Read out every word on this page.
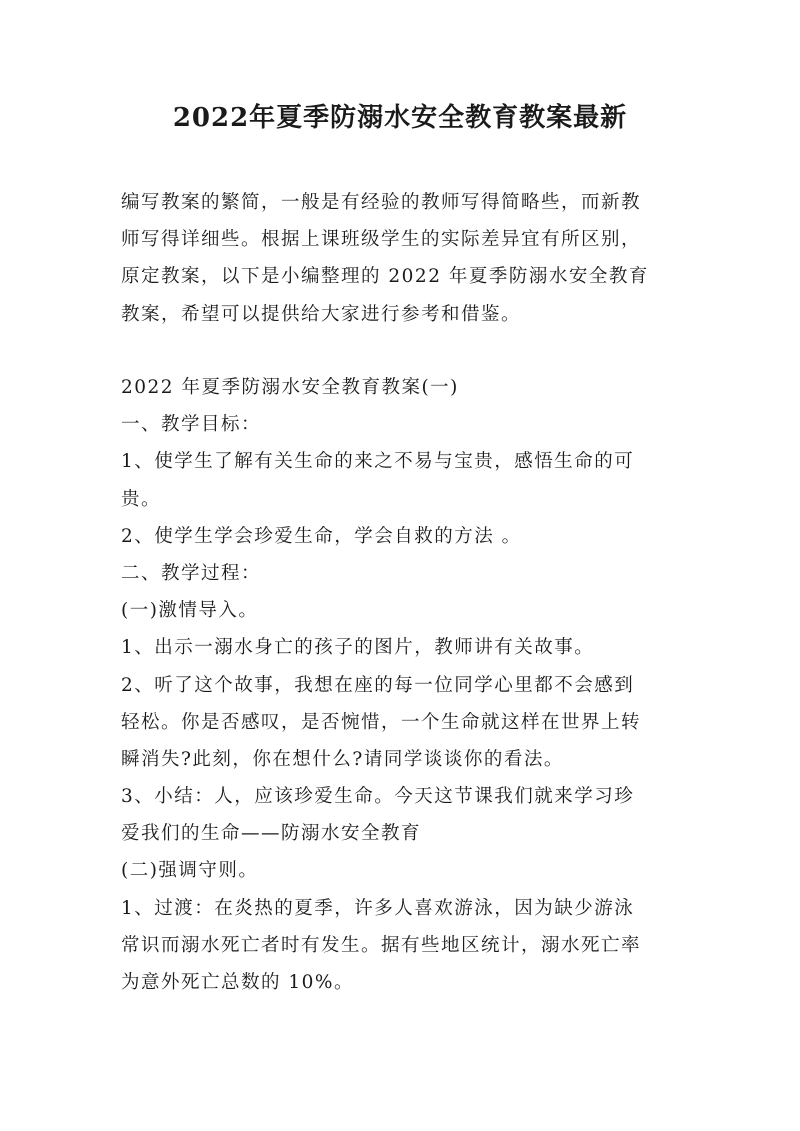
2022年夏季防溺水安全教育教案最新

编写教案的繁简，一般是有经验的教师写得简略些，而新教

师写得详细些。根据上课班级学生的实际差异宜有所区别，

原定教案，以下是小编整理的 2022 年夏季防溺水安全教育

教案，希望可以提供给大家进行参考和借鉴。

2022 年夏季防溺水安全教育教案(一)

一、教学目标：

1、使学生了解有关生命的来之不易与宝贵，感悟生命的可

贵。

2、使学生学会珍爱生命，学会自救的方法 。

二、教学过程：

(一)激情导入。

1、出示一溺水身亡的孩子的图片，教师讲有关故事。

2、听了这个故事，我想在座的每一位同学心里都不会感到

轻松。你是否感叹，是否惋惜，一个生命就这样在世界上转

瞬消失?此刻，你在想什么?请同学谈谈你的看法。

3、小结：人，应该珍爱生命。今天这节课我们就来学习珍

爱我们的生命——防溺水安全教育

(二)强调守则。

1、过渡：在炎热的夏季，许多人喜欢游泳，因为缺少游泳

常识而溺水死亡者时有发生。据有些地区统计，溺水死亡率

为意外死亡总数的 10%。
